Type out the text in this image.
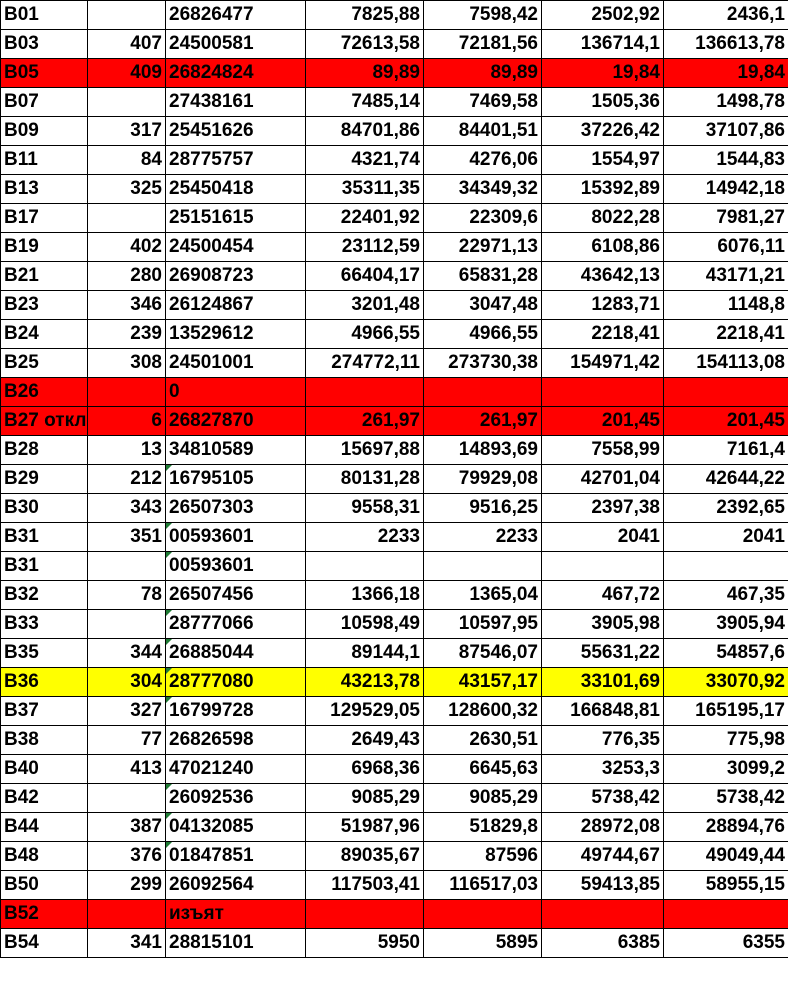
B01		26826477	7825,88	7598,42	2502,92	2436,1
B03	407	24500581	72613,58	72181,56	136714,1	136613,78
B05	409	26824824	89,89	89,89	19,84	19,84
B07		27438161	7485,14	7469,58	1505,36	1498,78
B09	317	25451626	84701,86	84401,51	37226,42	37107,86
B11	84	28775757	4321,74	4276,06	1554,97	1544,83
B13	325	25450418	35311,35	34349,32	15392,89	14942,18
B17		25151615	22401,92	22309,6	8022,28	7981,27
B19	402	24500454	23112,59	22971,13	6108,86	6076,11
B21	280	26908723	66404,17	65831,28	43642,13	43171,21
B23	346	26124867	3201,48	3047,48	1283,71	1148,8
B24	239	13529612	4966,55	4966,55	2218,41	2218,41
B25	308	24501001	274772,11	273730,38	154971,42	154113,08
B26		0				
B27 откл	6	26827870	261,97	261,97	201,45	201,45
B28	13	34810589	15697,88	14893,69	7558,99	7161,4
B29	212	16795105	80131,28	79929,08	42701,04	42644,22
B30	343	26507303	9558,31	9516,25	2397,38	2392,65
B31	351	00593601	2233	2233	2041	2041
B31		00593601				
B32	78	26507456	1366,18	1365,04	467,72	467,35
B33		28777066	10598,49	10597,95	3905,98	3905,94
B35	344	26885044	89144,1	87546,07	55631,22	54857,6
B36	304	28777080	43213,78	43157,17	33101,69	33070,92
B37	327	16799728	129529,05	128600,32	166848,81	165195,17
B38	77	26826598	2649,43	2630,51	776,35	775,98
B40	413	47021240	6968,36	6645,63	3253,3	3099,2
B42		26092536	9085,29	9085,29	5738,42	5738,42
B44	387	04132085	51987,96	51829,8	28972,08	28894,76
B48	376	01847851	89035,67	87596	49744,67	49049,44
B50	299	26092564	117503,41	116517,03	59413,85	58955,15
B52		изъят				
B54	341	28815101	5950	5895	6385	6355
